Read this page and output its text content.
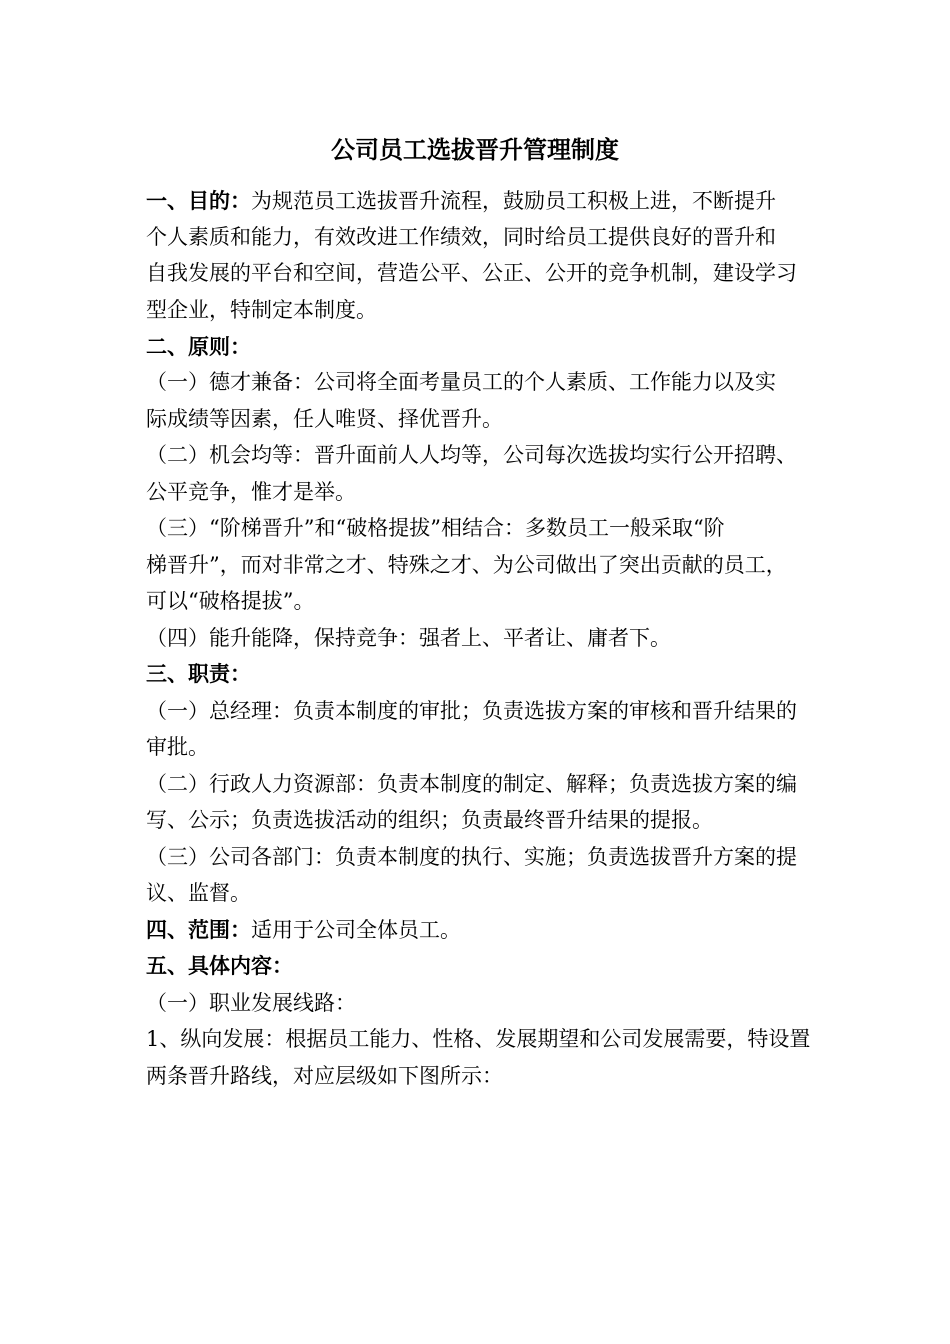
公司员工选拔晋升管理制度
一、目的：为规范员工选拔晋升流程，鼓励员工积极上进，不断提升
个人素质和能力，有效改进工作绩效，同时给员工提供良好的晋升和
自我发展的平台和空间，营造公平、公正、公开的竞争机制，建设学习
型企业，特制定本制度。
二、原则：
（一）德才兼备：公司将全面考量员工的个人素质、工作能力以及实
际成绩等因素，任人唯贤、择优晋升。
（二）机会均等：晋升面前人人均等，公司每次选拔均实行公开招聘、
公平竞争，惟才是举。
（三）“阶梯晋升”和“破格提拔”相结合：多数员工一般采取“阶
梯晋升”，而对非常之才、特殊之才、为公司做出了突出贡献的员工，
可以“破格提拔”。
（四）能升能降，保持竞争：强者上、平者让、庸者下。
三、职责：
（一）总经理：负责本制度的审批；负责选拔方案的审核和晋升结果的
审批。
（二）行政人力资源部：负责本制度的制定、解释；负责选拔方案的编
写、公示；负责选拔活动的组织；负责最终晋升结果的提报。
（三）公司各部门：负责本制度的执行、实施；负责选拔晋升方案的提
议、监督。
四、范围：适用于公司全体员工。
五、具体内容：
（一）职业发展线路：
1、纵向发展：根据员工能力、性格、发展期望和公司发展需要，特设置
两条晋升路线，对应层级如下图所示：
